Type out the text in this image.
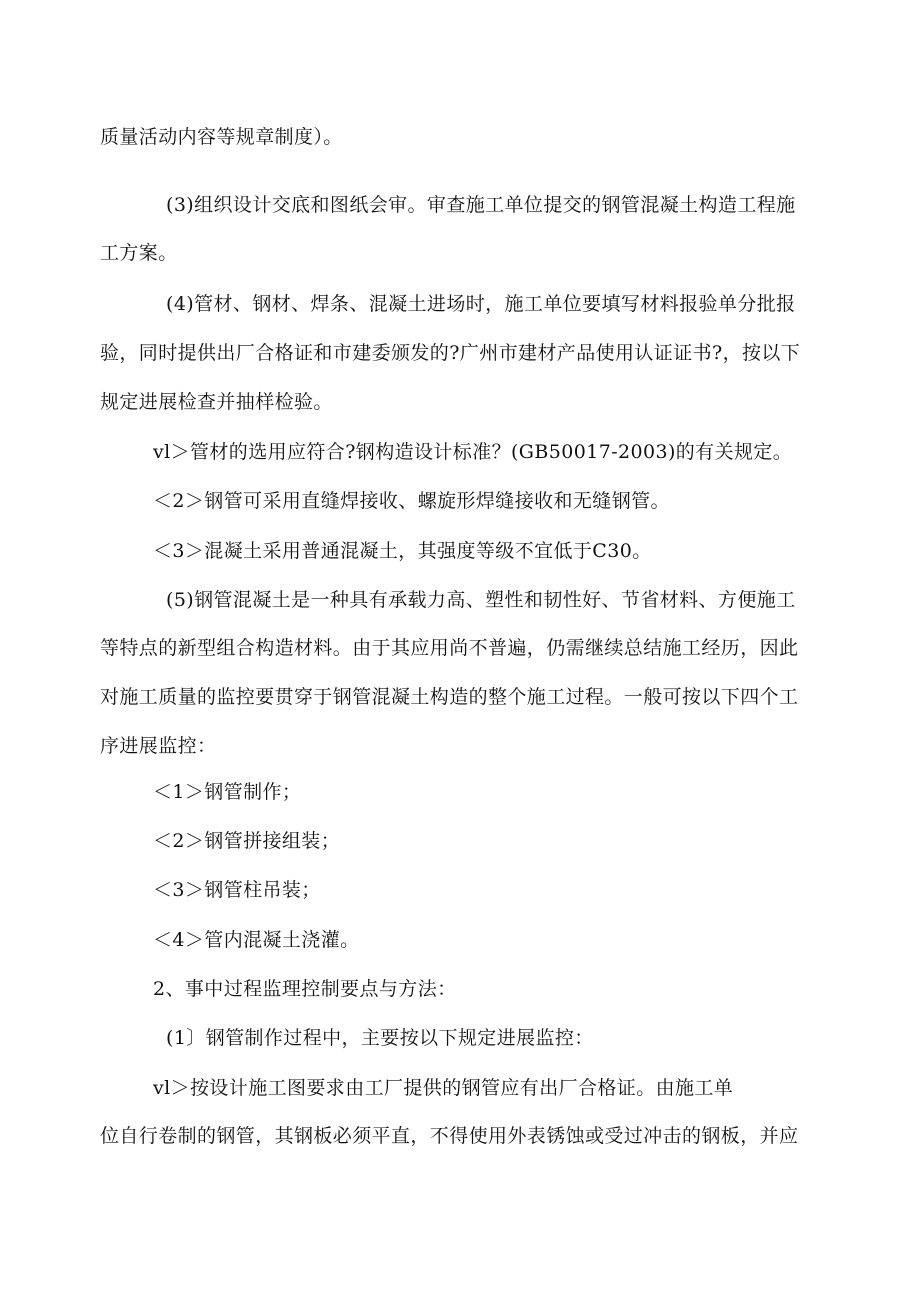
质量活动内容等规章制度）。
(3)组织设计交底和图纸会审。审查施工单位提交的钢管混凝土构造工程施
工方案。
(4)管材、钢材、焊条、混凝土进场时，施工单位要填写材料报验单分批报
验，同时提供出厂合格证和市建委颁发的?广州市建材产品使用认证证书?，按以下
规定进展检查并抽样检验。
vl＞管材的选用应符合?钢构造设计标准？(GB50017-2003)的有关规定。
＜2＞钢管可采用直缝焊接收、螺旋形焊缝接收和无缝钢管。
＜3＞混凝土采用普通混凝土，其强度等级不宜低于C30。
(5)钢管混凝土是一种具有承载力高、塑性和韧性好、节省材料、方便施工
等特点的新型组合构造材料。由于其应用尚不普遍，仍需继续总结施工经历，因此
对施工质量的监控要贯穿于钢管混凝土构造的整个施工过程。一般可按以下四个工
序进展监控：
＜1＞钢管制作；
＜2＞钢管拼接组装；
＜3＞钢管柱吊装；
＜4＞管内混凝土浇灌。
2、事中过程监理控制要点与方法：
(1〕钢管制作过程中，主要按以下规定进展监控：
vl＞按设计施工图要求由工厂提供的钢管应有出厂合格证。由施工单
位自行卷制的钢管，其钢板必须平直，不得使用外表锈蚀或受过冲击的钢板，并应
